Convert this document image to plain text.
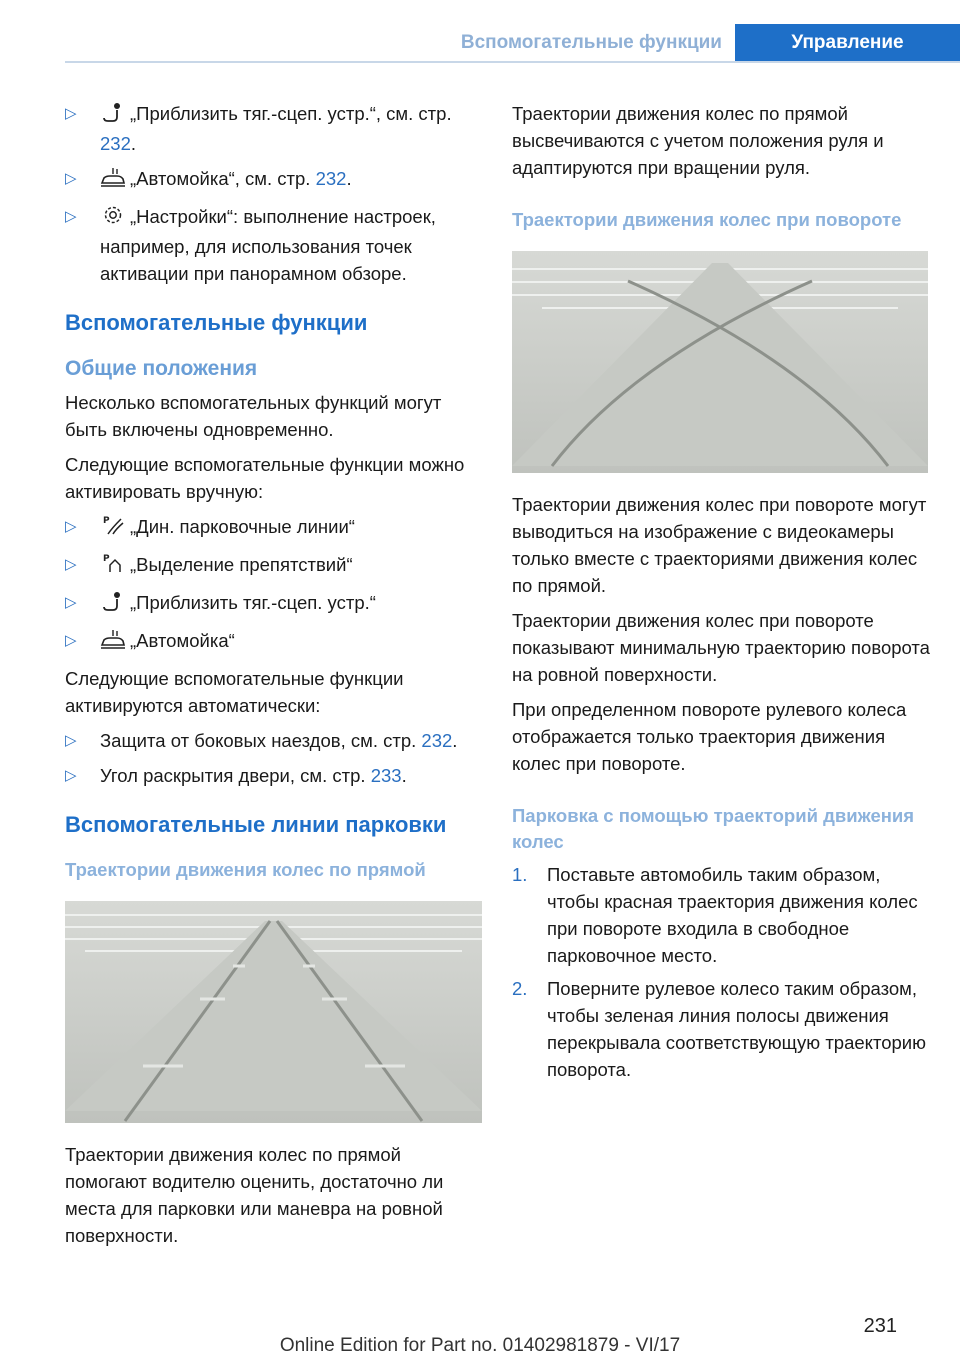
Вспомогательные функции	Управление
▷	„Приблизить тяг.-сцеп. устр.“, см. стр. 232.
▷	„Автомойка“, см. стр. 232.
▷	„Настройки“: выполнение настроек, например, для использования точек активации при панорамном обзоре.
Вспомогательные функции
Общие положения

Несколько вспомогательных функций могут быть включены одновременно.

Следующие вспомогательные функции можно активировать вручную:

▷	P „Дин. парковочные линии“
▷	P „Выделение препятствий“
▷	„Приблизить тяг.-сцеп. устр.“
▷	„Автомойка“

Следующие вспомогательные функции активируются автоматически:

▷ Защита от боковых наездов, см. стр. 232.
▷ Угол раскрытия двери, см. стр. 233.
Вспомогательные линии парковки
Траектории движения колес по прямой

Траектории движения колес по прямой помогают водителю оценить, достаточно ли места для парковки или маневра на ровной поверхности.

Траектории движения колес по прямой высвечиваются с учетом положения руля и адаптируются при вращении руля.

Траектории движения колес при повороте

Траектории движения колес при повороте могут выводиться на изображение с видеокамеры только вместе с траекториями движения колес по прямой.

Траектории движения колес при повороте показывают минимальную траекторию поворота на ровной поверхности.

При определенном повороте рулевого колеса отображается только траектория движения колес при повороте.

Парковка с помощью траекторий движения колес
1. Поставьте автомобиль таким образом, чтобы красная траектория движения колес при повороте входила в свободное парковочное место.
2. Поверните рулевое колесо таким образом, чтобы зеленая линия полосы движения перекрывала соответствующую траекторию поворота.
231
Online Edition for Part no. 01402981879 - VI/17
